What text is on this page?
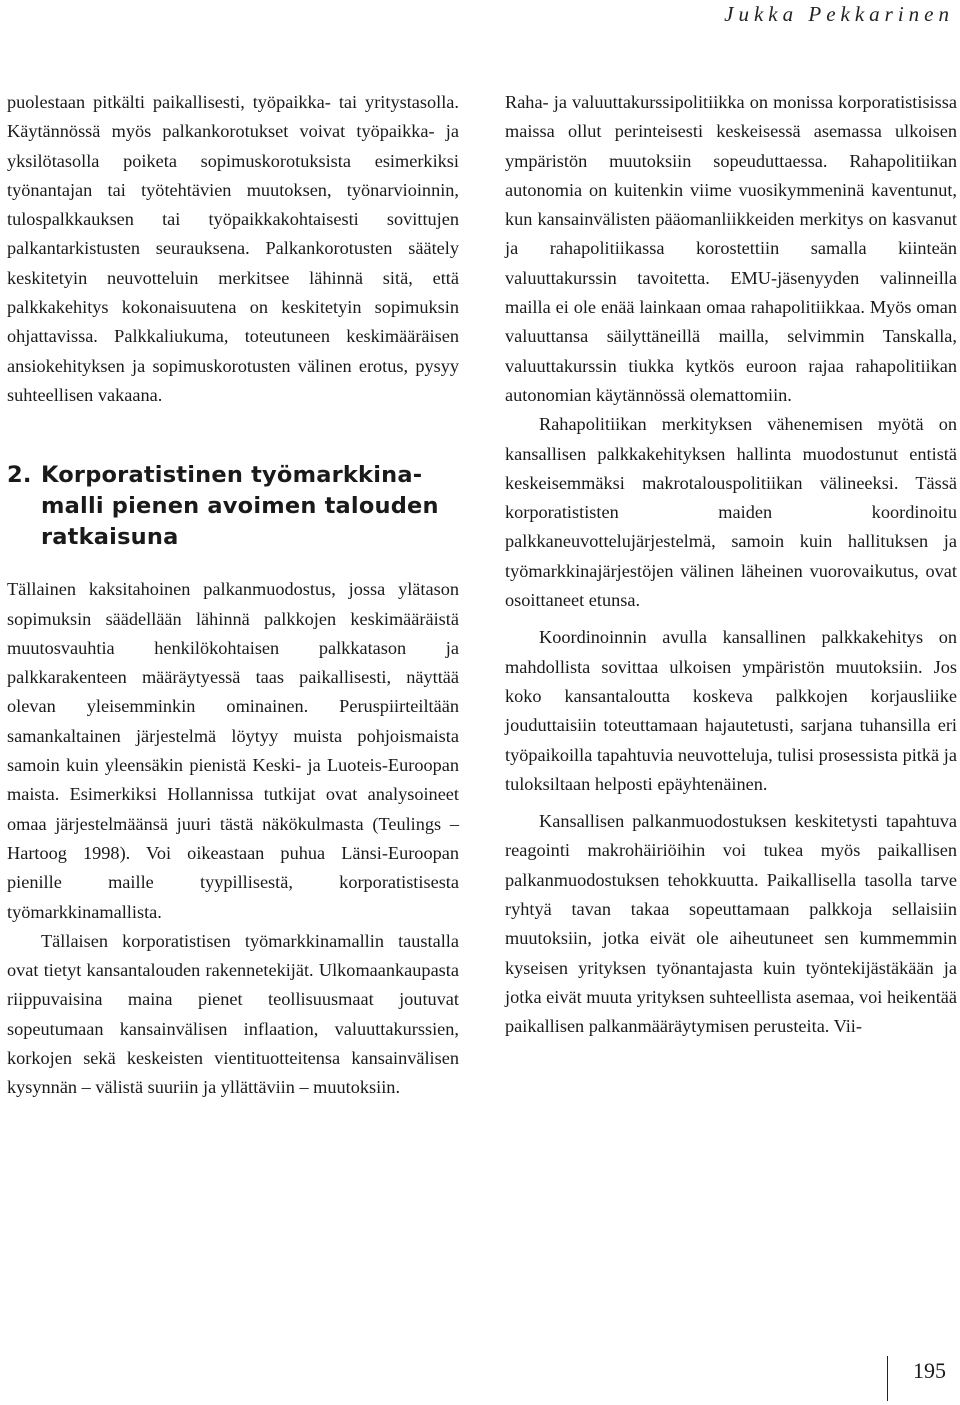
Jukka Pekkarinen

puolestaan pitkälti paikallisesti, työpaikka- tai yritystasolla. Käytännössä myös palkankorotukset voivat työpaikka- ja yksilötasolla poiketa sopimuskorotuksista esimerkiksi työnantajan tai työtehtävien muutoksen, työnarvioinnin, tulospalkkauksen tai työpaikkakohtaisesti sovittujen palkantarkistusten seurauksena. Palkankorotusten säätely keskitetyin neuvotteluin merkitsee lähinnä sitä, että palkkakehitys kokonaisuutena on keskitetyin sopimuksin ohjattavissa. Palkkaliukuma, toteutuneen keskimääräisen ansiokehityksen ja sopimuskorotusten välinen erotus, pysyy suhteellisen vakaana.

2. Korporatistinen työmarkkina-
malli pienen avoimen talouden
ratkaisuna

Tällainen kaksitahoinen palkanmuodostus, jossa ylätason sopimuksin säädellään lähinnä palkkojen keskimääräistä muutosvauhtia henkilökohtaisen palkkatason ja palkkarakenteen määräytyessä taas paikallisesti, näyttää olevan yleisemminkin ominainen. Peruspiirteiltään samankaltainen järjestelmä löytyy muista pohjoismaista samoin kuin yleensäkin pienistä Keski- ja Luoteis-Euroopan maista. Esimerkiksi Hollannissa tutkijat ovat analysoineet omaa järjestelmäänsä juuri tästä näkökulmasta (Teulings – Hartoog 1998). Voi oikeastaan puhua Länsi-Euroopan pienille maille tyypillisestä, korporatistisesta työmarkkinamallista.

Tällaisen korporatistisen työmarkkinamallin taustalla ovat tietyt kansantalouden rakennetekijät. Ulkomaankaupasta riippuvaisina maina pienet teollisuusmaat joutuvat sopeutumaan kansainvälisen inflaation, valuuttakurssien, korkojen sekä keskeisten vientituotteitensa kansainvälisen kysynnän – välistä suuriin ja yllättäviin – muutoksiin.

Raha- ja valuuttakurssipolitiikka on monissa korporatistisissa maissa ollut perinteisesti keskeisessä asemassa ulkoisen ympäristön muutoksiin sopeuduttaessa. Rahapolitiikan autonomia on kuitenkin viime vuosikymmeninä kaventunut, kun kansainvälisten pääomanliikkeiden merkitys on kasvanut ja rahapolitiikassa korostettiin samalla kiinteän valuuttakurssin tavoitetta. EMU-jäsenyyden valinneilla mailla ei ole enää lainkaan omaa rahapolitiikkaa. Myös oman valuuttansa säilyttäneillä mailla, selvimmin Tanskalla, valuuttakurssin tiukka kytkös euroon rajaa rahapolitiikan autonomian käytännössä olemattomiin.

Rahapolitiikan merkityksen vähenemisen myötä on kansallisen palkkakehityksen hallinta muodostunut entistä keskeisemmäksi makrotalouspolitiikan välineeksi. Tässä korporatististen maiden koordinoitu palkkaneuvottelujärjestelmä, samoin kuin hallituksen ja työmarkkinajärjestöjen välinen läheinen vuorovaikutus, ovat osoittaneet etunsa.

Koordinoinnin avulla kansallinen palkkakehitys on mahdollista sovittaa ulkoisen ympäristön muutoksiin. Jos koko kansantaloutta koskeva palkkojen korjausliike jouduttaisiin toteuttamaan hajautetusti, sarjana tuhansilla eri työpaikoilla tapahtuvia neuvotteluja, tulisi prosessista pitkä ja tuloksiltaan helposti epäyhtenäinen.

Kansallisen palkanmuodostuksen keskitetysti tapahtuva reagointi makrohäiriöihin voi tukea myös paikallisen palkanmuodostuksen tehokkuutta. Paikallisella tasolla tarve ryhtyä tavan takaa sopeuttamaan palkkoja sellaisiin muutoksiin, jotka eivät ole aiheutuneet sen kummemmin kyseisen yrityksen työnantajasta kuin työntekijästäkään ja jotka eivät muuta yrityksen suhteellista asemaa, voi heikentää paikallisen palkanmääräytymisen perusteita. Vii-

195
